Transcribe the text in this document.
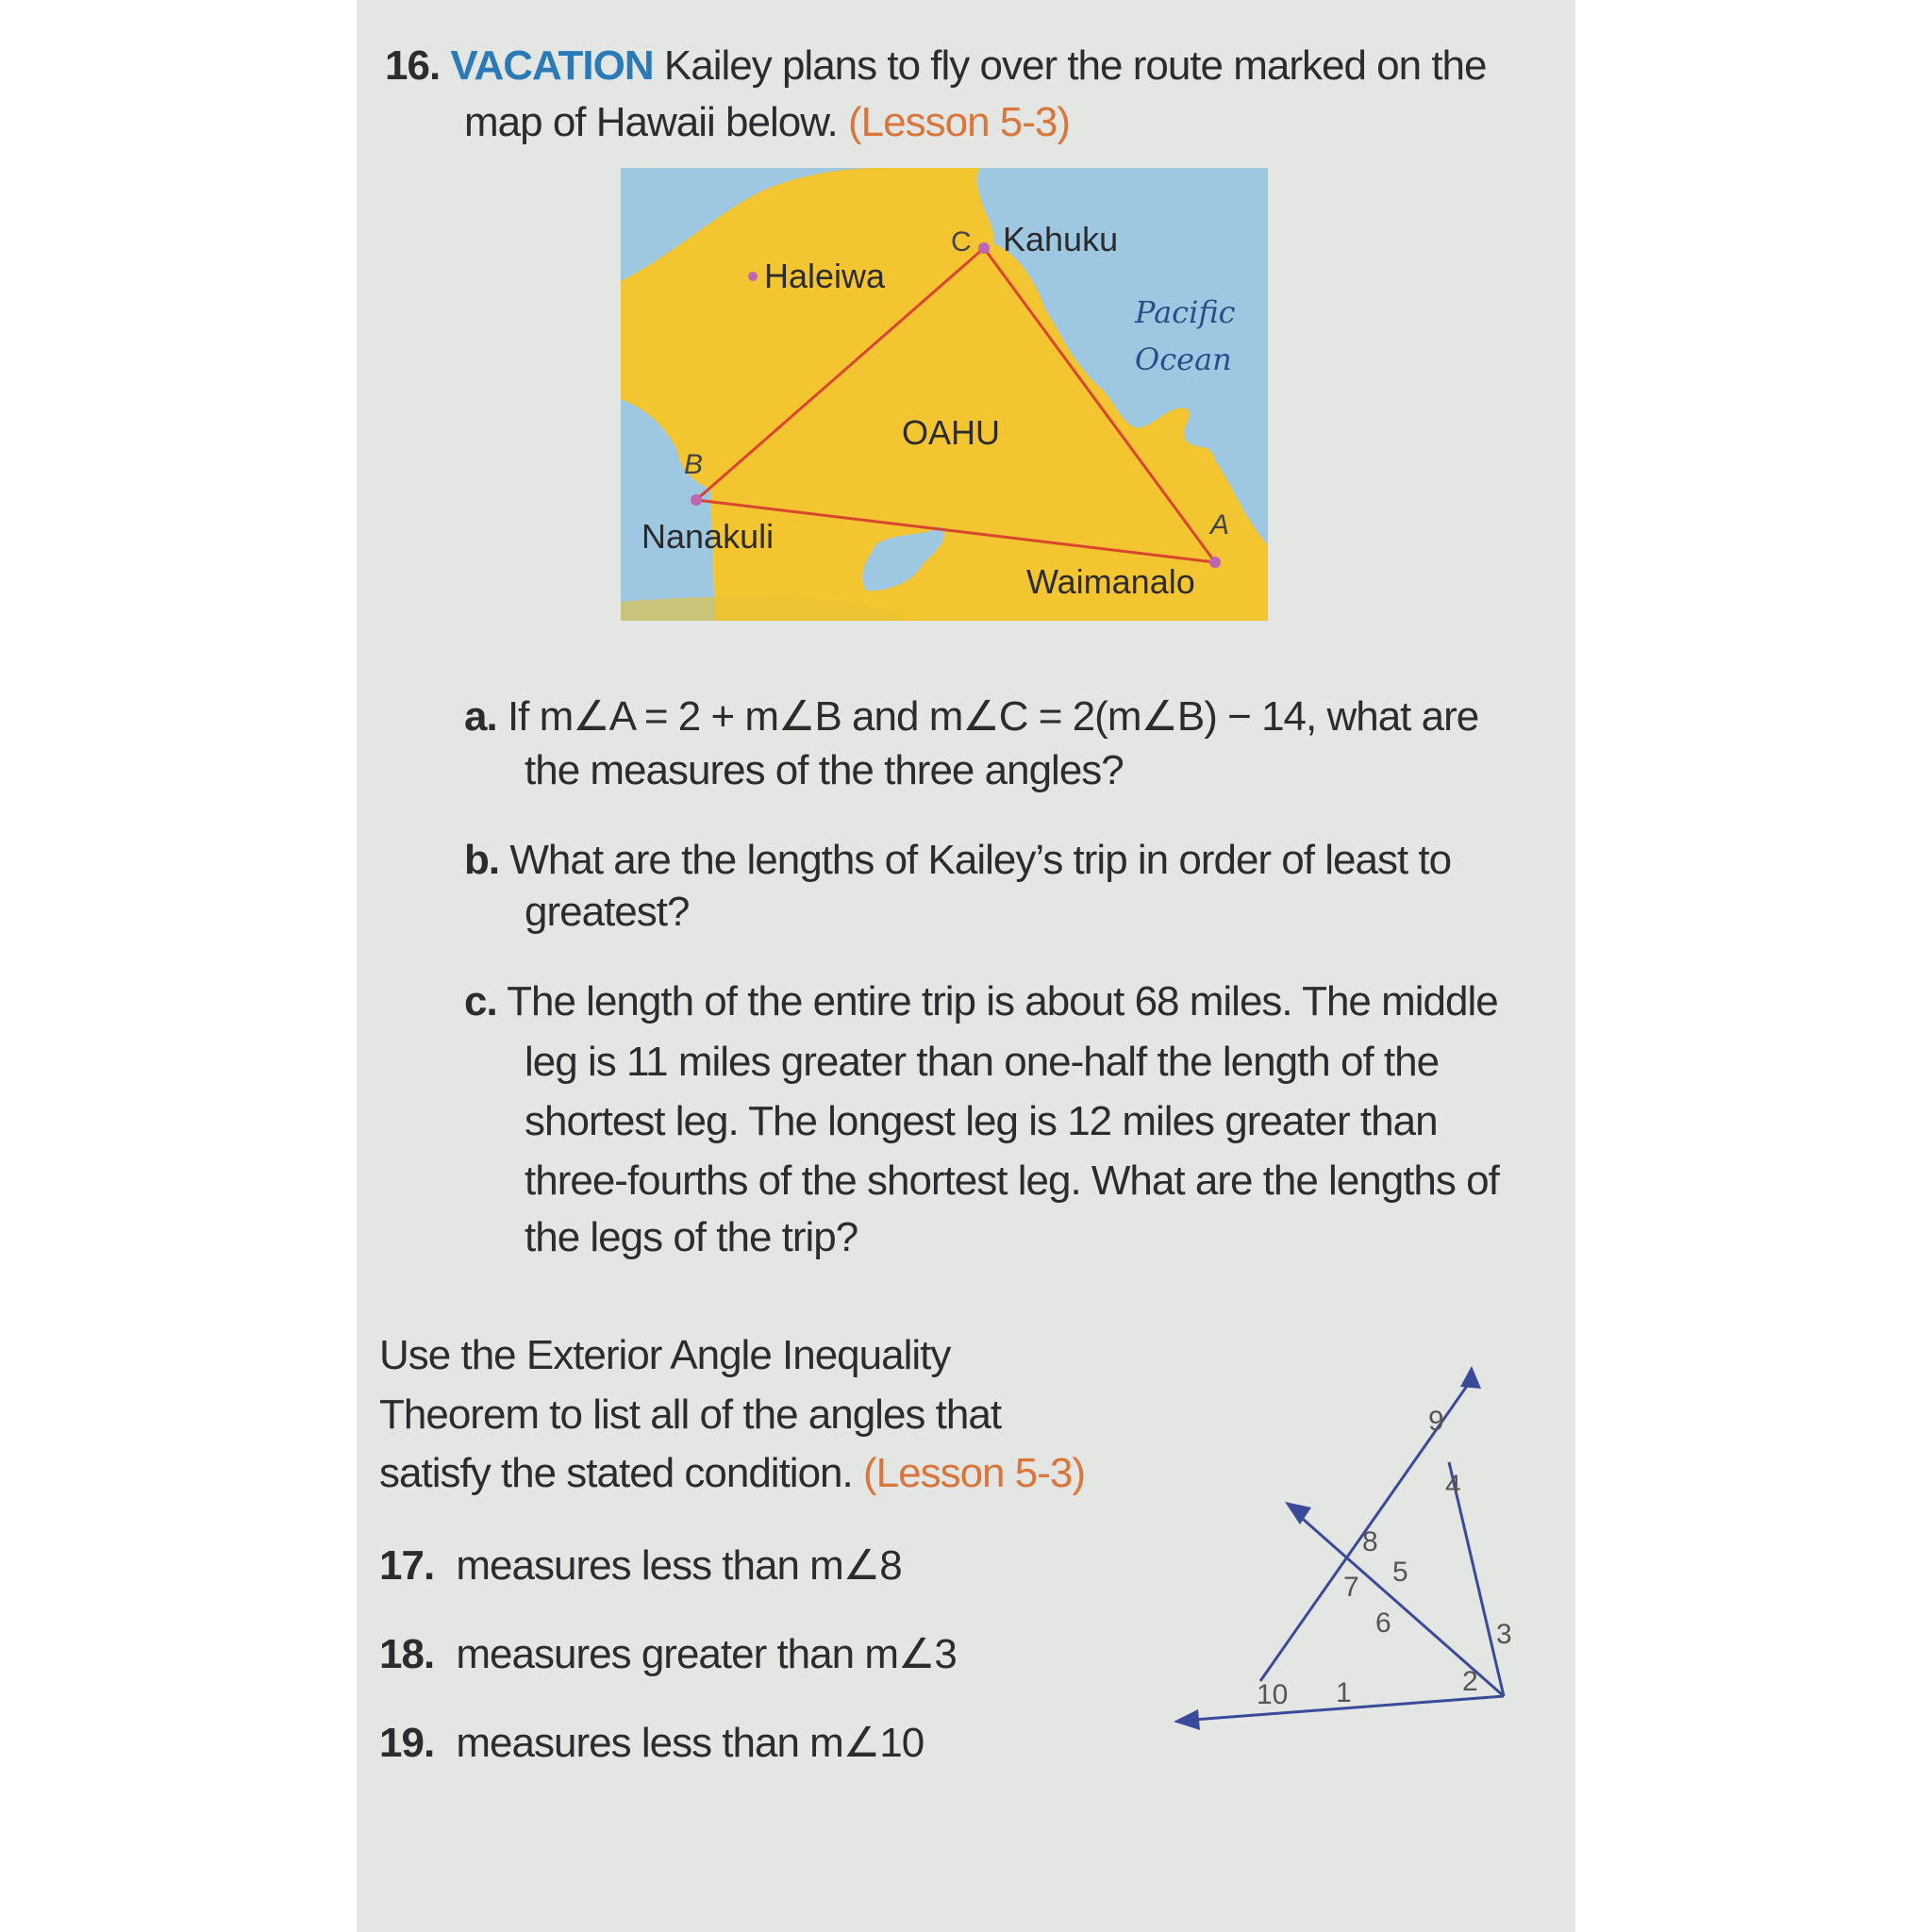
16. VACATION Kailey plans to fly over the route marked on the
map of Hawaii below. (Lesson 5-3)
Kahuku
C
Haleiwa
Pacific
Ocean
OAHU
B
Nanakuli	A
Waimanalo
a. If m∠A = 2 + m∠B and m∠C = 2(m∠B) − 14, what are
the measures of the three angles?
b. What are the lengths of Kailey’s trip in order of least to
greatest?
c. The length of the entire trip is about 68 miles. The middle
leg is 11 miles greater than one-half the length of the
shortest leg. The longest leg is 12 miles greater than
three-fourths of the shortest leg. What are the lengths of
the legs of the trip?
Use the Exterior Angle Inequality
Theorem to list all of the angles that
satisfy the stated condition. (Lesson 5-3)
17. measures less than m∠8
18. measures greater than m∠3
19. measures less than m∠10
9
4
8
5
7
6	3
2
1
10
